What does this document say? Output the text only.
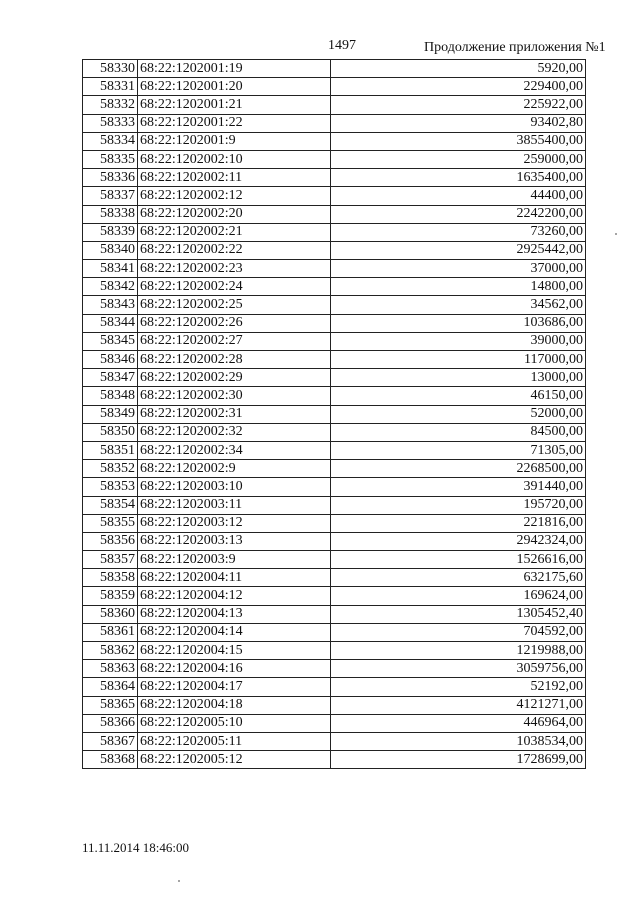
1497	Продолжение приложения №1
58330	68:22:1202001:19	5920,00
58331	68:22:1202001:20	229400,00
58332	68:22:1202001:21	225922,00
58333	68:22:1202001:22	93402,80
58334	68:22:1202001:9	3855400,00
58335	68:22:1202002:10	259000,00
58336	68:22:1202002:11	1635400,00
58337	68:22:1202002:12	44400,00
58338	68:22:1202002:20	2242200,00
58339	68:22:1202002:21	73260,00
58340	68:22:1202002:22	2925442,00
58341	68:22:1202002:23	37000,00
58342	68:22:1202002:24	14800,00
58343	68:22:1202002:25	34562,00
58344	68:22:1202002:26	103686,00
58345	68:22:1202002:27	39000,00
58346	68:22:1202002:28	117000,00
58347	68:22:1202002:29	13000,00
58348	68:22:1202002:30	46150,00
58349	68:22:1202002:31	52000,00
58350	68:22:1202002:32	84500,00
58351	68:22:1202002:34	71305,00
58352	68:22:1202002:9	2268500,00
58353	68:22:1202003:10	391440,00
58354	68:22:1202003:11	195720,00
58355	68:22:1202003:12	221816,00
58356	68:22:1202003:13	2942324,00
58357	68:22:1202003:9	1526616,00
58358	68:22:1202004:11	632175,60
58359	68:22:1202004:12	169624,00
58360	68:22:1202004:13	1305452,40
58361	68:22:1202004:14	704592,00
58362	68:22:1202004:15	1219988,00
58363	68:22:1202004:16	3059756,00
58364	68:22:1202004:17	52192,00
58365	68:22:1202004:18	4121271,00
58366	68:22:1202005:10	446964,00
58367	68:22:1202005:11	1038534,00
58368	68:22:1202005:12	1728699,00
11.11.2014 18:46:00
